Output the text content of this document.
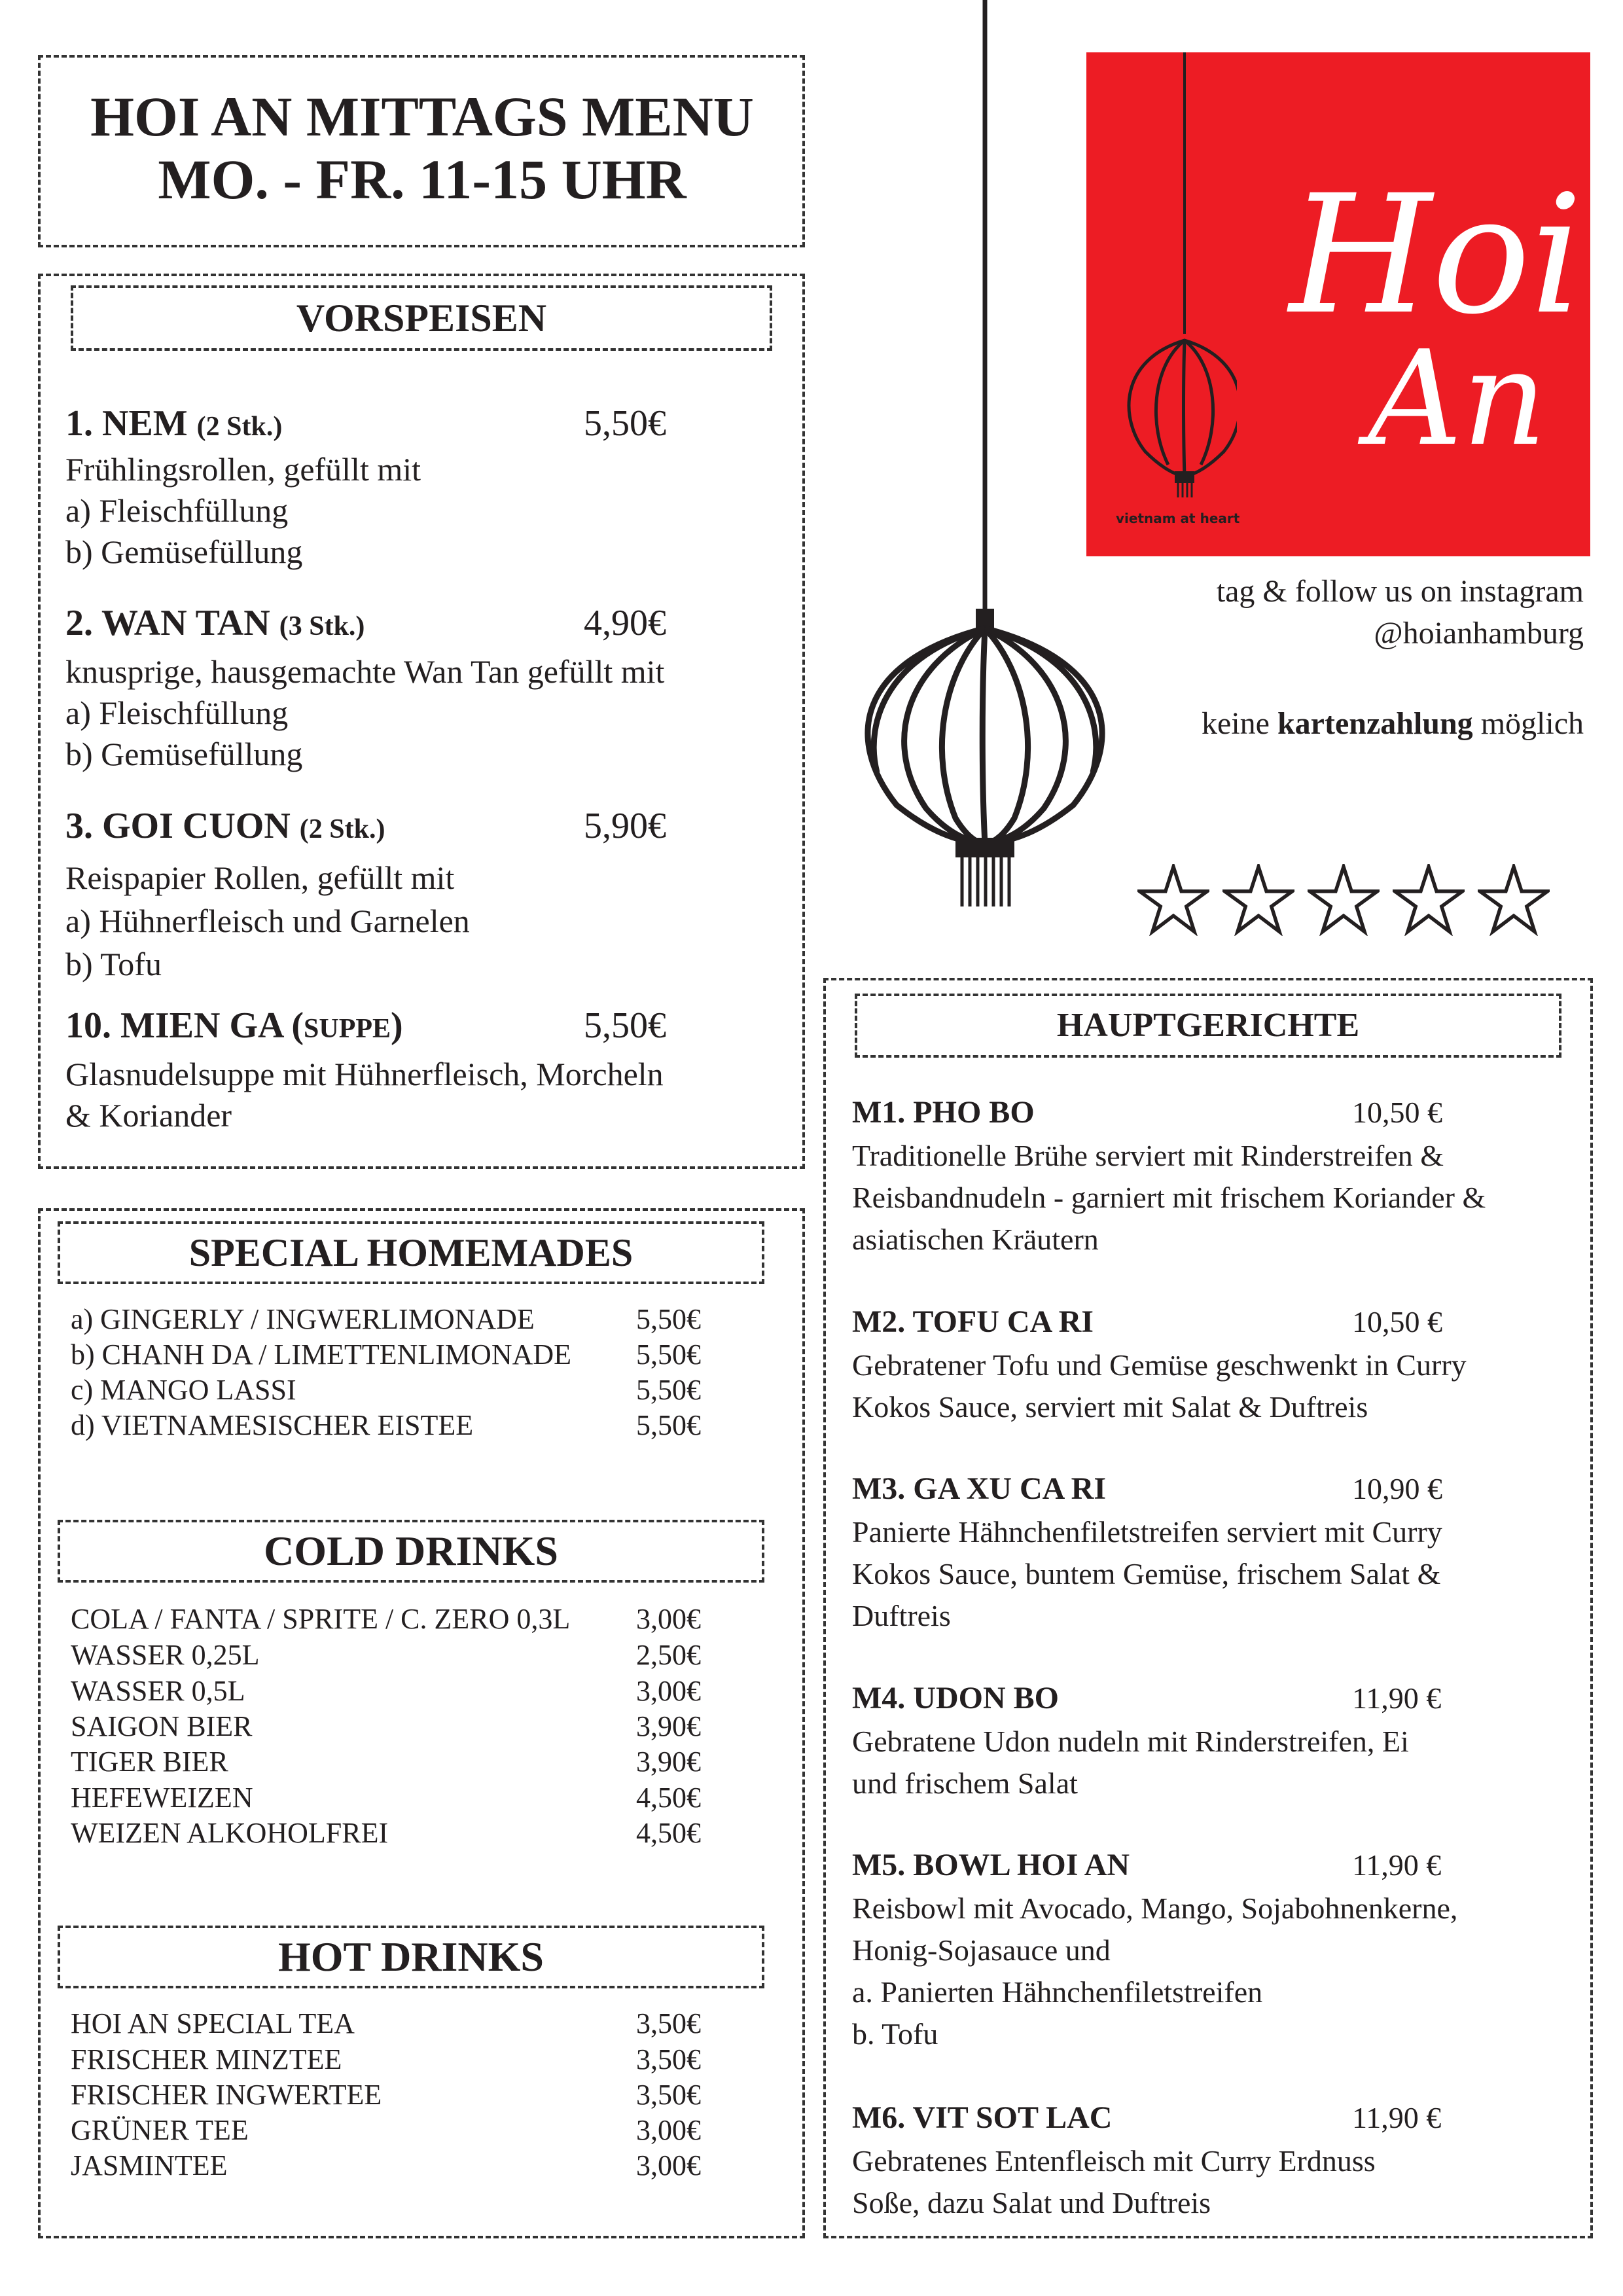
HOI AN MITTAGS MENU
MO. - FR. 11-15 UHR
VORSPEISEN
1. NEM (2 Stk.)	5,50€
Frühlingsrollen, gefüllt mit
a) Fleischfüllung
b) Gemüsefüllung
2. WAN TAN (3 Stk.)	4,90€
knusprige, hausgemachte Wan Tan gefüllt mit
a) Fleischfüllung
b) Gemüsefüllung
3. GOI CUON (2 Stk.)	5,90€
Reispapier Rollen, gefüllt mit
a) Hühnerfleisch und Garnelen
b) Tofu
10. MIEN GA (SUPPE)	5,50€
Glasnudelsuppe mit Hühnerfleisch, Morcheln
& Koriander
SPECIAL HOMEMADES
a) GINGERLY / INGWERLIMONADE	5,50€
b) CHANH DA / LIMETTENLIMONADE 5,50€
c) MANGO LASSI	5,50€
d) VIETNAMESISCHER EISTEE	5,50€
COLD DRINKS
COLA / FANTA / SPRITE / C. ZERO 0,3L 3,00€
WASSER 0,25L	2,50€
WASSER 0,5L	3,00€
SAIGON BIER	3,90€
TIGER BIER	3,90€
HEFEWEIZEN	4,50€
WEIZEN ALKOHOLFREI	4,50€
HOT DRINKS
HOI AN SPECIAL TEA	3,50€
FRISCHER MINZTEE	3,50€
FRISCHER INGWERTEE	3,50€
GRÜNER TEE	3,00€
JASMINTEE	3,00€
HAUPTGERICHTE
M1. PHO BO	10,50 €
Traditionelle Brühe serviert mit Rinderstreifen &
Reisbandnudeln - garniert mit frischem Koriander &
asiatischen Kräutern
M2. TOFU CA RI	10,50 €
Gebratener Tofu und Gemüse geschwenkt in Curry
Kokos Sauce, serviert mit Salat & Duftreis
M3. GA XU CA RI	10,90 €
Panierte Hähnchenfiletstreifen serviert mit Curry
Kokos Sauce, buntem Gemüse, frischem Salat &
Duftreis
M4. UDON BO	11,90 €
Gebratene Udon nudeln mit Rinderstreifen, Ei
und frischem Salat
M5. BOWL HOI AN	11,90 €
Reisbowl mit Avocado, Mango, Sojabohnenkerne,
Honig-Sojasauce und
a. Panierten Hähnchenfiletstreifen
b. Tofu
M6. VIT SOT LAC	11,90 €
Gebratenes Entenfleisch mit Curry Erdnuss
Soße, dazu Salat und Duftreis
Hoi
An
vietnam at heart
tag & follow us on instagram
@hoianhamburg
keine kartenzahlung möglich
